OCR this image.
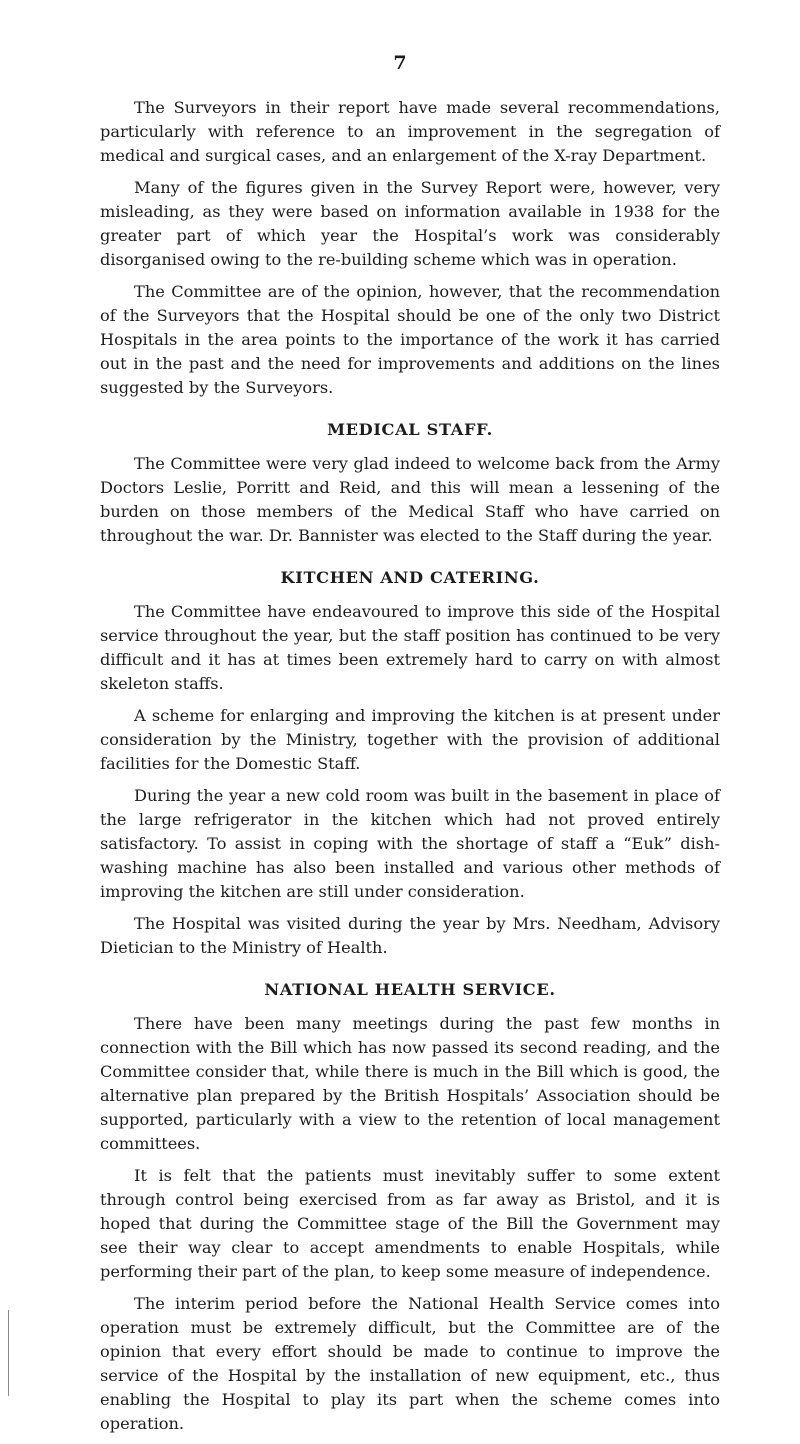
7

The Surveyors in their report have made several recommendations, particularly with reference to an improvement in the segregation of medical and surgical cases, and an enlargement of the X-ray Department.

Many of the figures given in the Survey Report were, however, very misleading, as they were based on information available in 1938 for the greater part of which year the Hospital’s work was considerably disorganised owing to the re-building scheme which was in operation.

The Committee are of the opinion, however, that the recommendation of the Surveyors that the Hospital should be one of the only two District Hospitals in the area points to the importance of the work it has carried out in the past and the need for improvements and additions on the lines suggested by the Surveyors.

MEDICAL STAFF.

The Committee were very glad indeed to welcome back from the Army Doctors Leslie, Porritt and Reid, and this will mean a lessening of the burden on those members of the Medical Staff who have carried on throughout the war. Dr. Bannister was elected to the Staff during the year.

KITCHEN AND CATERING.

The Committee have endeavoured to improve this side of the Hospital service throughout the year, but the staff position has continued to be very difficult and it has at times been extremely hard to carry on with almost skeleton staffs.

A scheme for enlarging and improving the kitchen is at present under consideration by the Ministry, together with the provision of additional facilities for the Domestic Staff.

During the year a new cold room was built in the basement in place of the large refrigerator in the kitchen which had not proved entirely satisfactory. To assist in coping with the shortage of staff a “Euk” dish-washing machine has also been installed and various other methods of improving the kitchen are still under consideration.

The Hospital was visited during the year by Mrs. Needham, Advisory Dietician to the Ministry of Health.

NATIONAL HEALTH SERVICE.

There have been many meetings during the past few months in connection with the Bill which has now passed its second reading, and the Committee consider that, while there is much in the Bill which is good, the alternative plan prepared by the British Hospitals’ Association should be supported, particularly with a view to the retention of local management committees.

It is felt that the patients must inevitably suffer to some extent through control being exercised from as far away as Bristol, and it is hoped that during the Committee stage of the Bill the Government may see their way clear to accept amendments to enable Hospitals, while performing their part of the plan, to keep some measure of independence.

The interim period before the National Health Service comes into operation must be extremely difficult, but the Committee are of the opinion that every effort should be made to continue to improve the service of the Hospital by the installation of new equipment, etc., thus enabling the Hospital to play its part when the scheme comes into operation.
